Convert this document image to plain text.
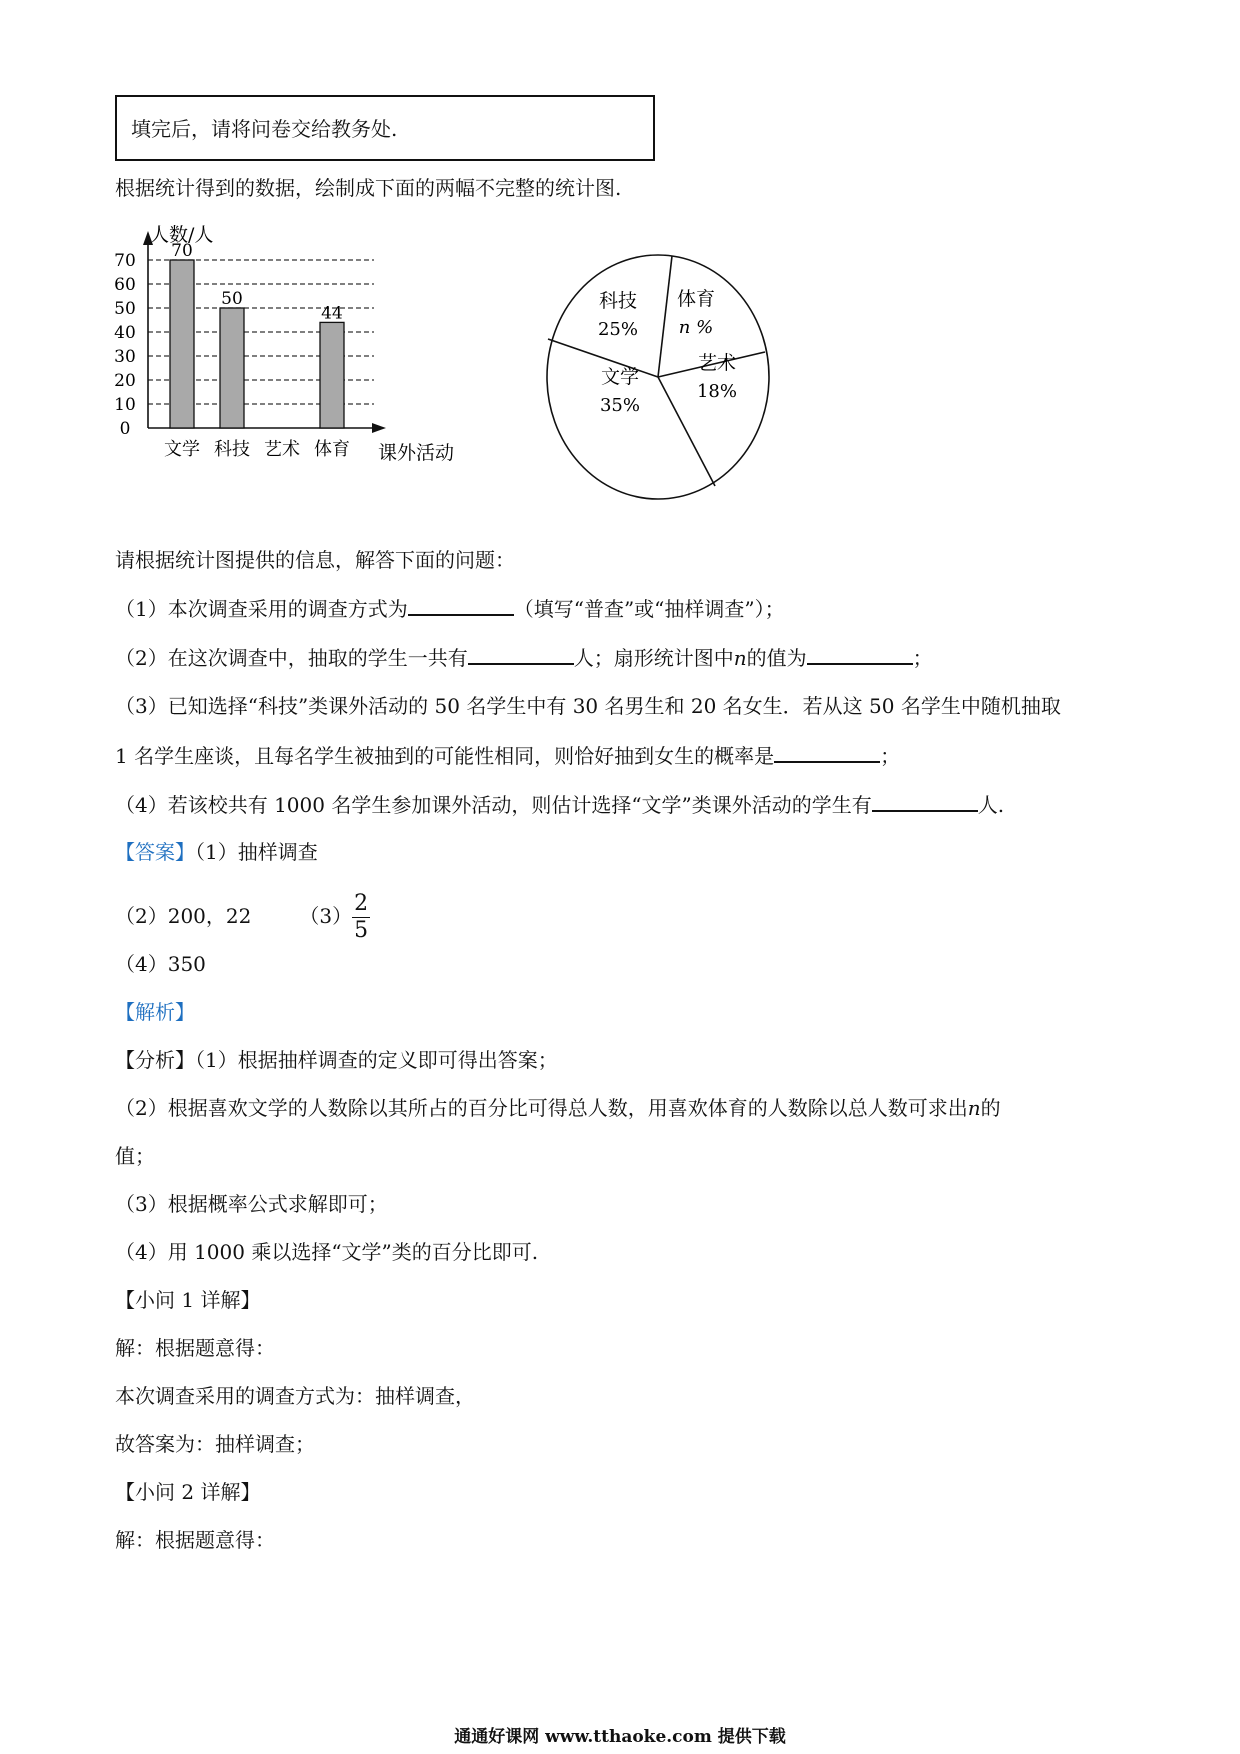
填完后，请将问卷交给教务处.
根据统计得到的数据，绘制成下面的两幅不完整的统计图.
0
10
20
30
40
50
60
70
人数/人
课外活动
70
文学
50
科技 艺术
44
体育
科技
25%
体育
n %
艺术
18%
文学
35%
请根据统计图提供的信息，解答下面的问题：
（1）本次调查采用的调查方式为	（填写“普查”或“抽样调查”）；
（2）在这次调查中，抽取的学生一共有	人；扇形统计图中n的值为	；
（3）已知选择“科技”类课外活动的 50 名学生中有 30 名男生和 20 名女生．若从这 50 名学生中随机抽取
1 名学生座谈，且每名学生被抽到的可能性相同，则恰好抽到女生的概率是	；
（4）若该校共有 1000 名学生参加课外活动，则估计选择“文学”类课外活动的学生有	人.
【答案】（1）抽样调查
（2）200，22 $(3) \frac{2}{5}$
（4）350
【解析】
【分析】（1）根据抽样调查的定义即可得出答案；
（2）根据喜欢文学的人数除以其所占的百分比可得总人数，用喜欢体育的人数除以总人数可求出n的
值；
（3）根据概率公式求解即可；
（4）用 1000 乘以选择“文学”类的百分比即可.
【小问 1 详解】
解：根据题意得：
本次调查采用的调查方式为：抽样调查，
故答案为：抽样调查；
【小问 2 详解】
解：根据题意得：
通通好课网 www.tthaoke.com 提供下载
